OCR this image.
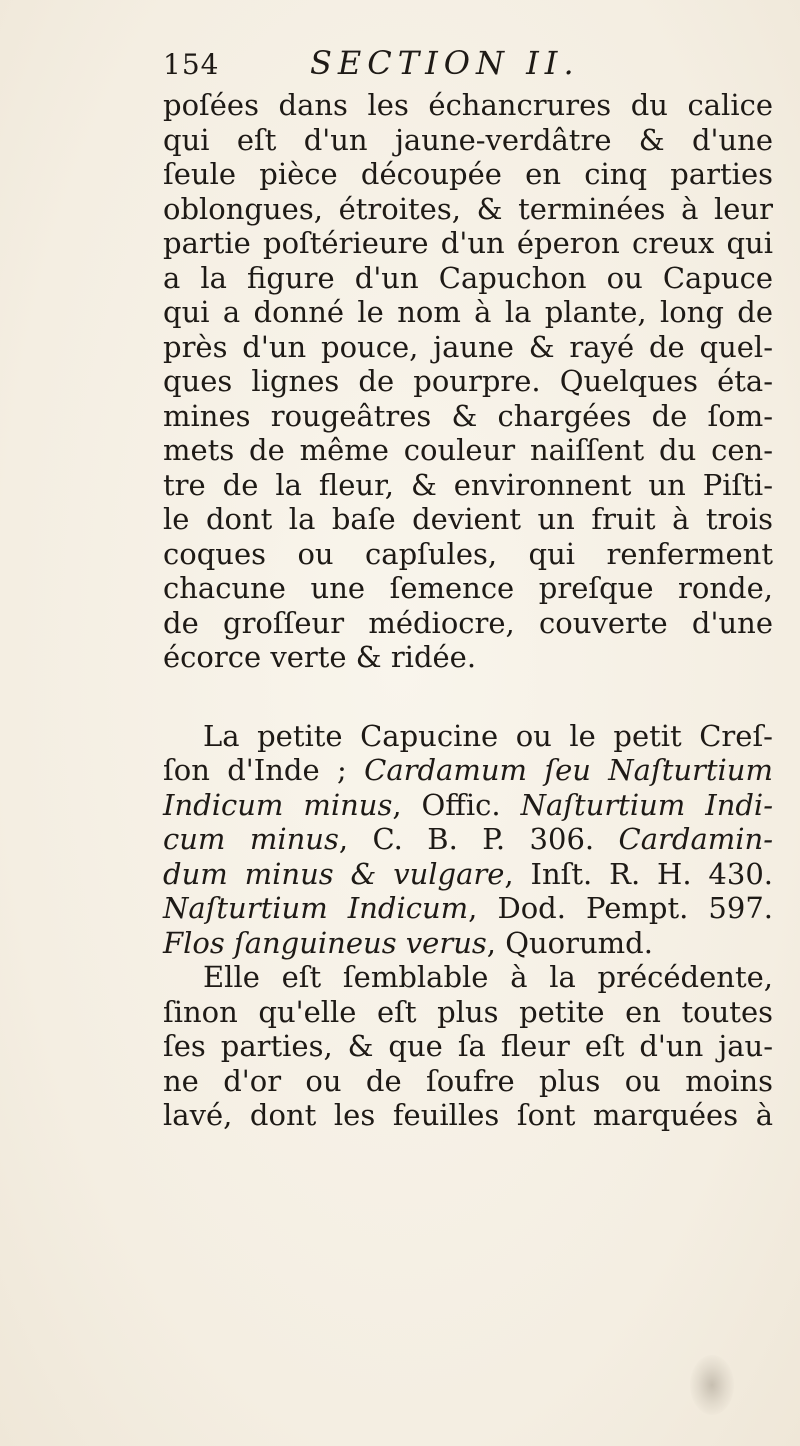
154	SECTION II.
poſées dans les échancrures du calice
qui eſt d'un jaune-verdâtre & d'une
ſeule pièce découpée en cinq parties
oblongues, étroites, & terminées à leur
partie poſtérieure d'un éperon creux qui
a la figure d'un Capuchon ou Capuce
qui a donné le nom à la plante, long de
près d'un pouce, jaune & rayé de quel-
ques lignes de pourpre. Quelques éta-
mines rougeâtres & chargées de ſom-
mets de même couleur naiſſent du cen-
tre de la fleur, & environnent un Piſti-
le dont la baſe devient un fruit à trois
coques ou capſules, qui renferment
chacune une ſemence preſque ronde,
de groſſeur médiocre, couverte d'une
écorce verte & ridée.
La petite Capucine ou le petit Creſ-
ſon d'Inde ; Cardamum ſeu Naſturtium
Indicum minus, Offic. Naſturtium Indi-
cum minus, C. B. P. 306. Cardamin-
dum minus & vulgare, Inſt. R. H. 430.
Naſturtium Indicum, Dod. Pempt. 597.
Flos ſanguineus verus, Quorumd.
Elle eſt ſemblable à la précédente,
ſinon qu'elle eſt plus petite en toutes
ſes parties, & que ſa fleur eſt d'un jau-
ne d'or ou de ſoufre plus ou moins
lavé, dont les feuilles ſont marquées à
